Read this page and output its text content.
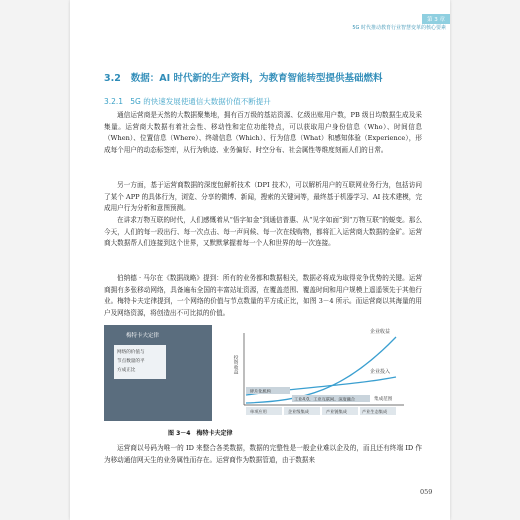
第 3 章
5G 时代推动教育行业智慧变革的核心要素
3.2 数据：AI 时代新的生产资料，为教育智能转型提供基础燃料
3.2.1 5G 的快速发展使通信大数据价值不断提升

通信运营商是天然的大数据聚集地，拥有百万级的基站资源、亿级出账用户数，PB 级日均数据生成及采集量。运营商大数据有着社会性、移动性和定位功能特点，可以获取用户身份信息（Who）、时间信息（When）、位置信息（Where）、终端信息（Which）、行为信息（What）和感知体验（Experience），形成每个用户的动态标签库，从行为轨迹、业务偏好、时空分布、社会属性等维度刻画人们的日常。

另一方面，基于运营商数据的深度包解析技术（DPI 技术），可以解析用户的互联网业务行为，包括访问了某个 APP 的具体行为，浏览、分享的微博、新闻，搜索的关键词等，最终基于机器学习、AI 技术建模，完成用户行为分析和意图预测。

在讲求万物互联的时代，人们感慨着从“悟字如金”到通信普惠、从“见字如面”到“万物互联”的蜕变。那么今天，人们的每一段出行、每一次点击、每一声问候、每一次在线购物，都将汇入运营商大数据的金矿。运营商大数据帮人们连接到这个世界，又默默掌握着每一个人和世界的每一次连接。

伯纳德 · 马尔在《数据战略》提到：所有的业务都和数据相关，数据必将成为取得竞争优势的关键。运营商拥有多张移动网络，具备遍布全国的丰富站址资源，在覆盖范围、覆盖时间和用户规模上遥遥领先于其他行业。梅特卡夫定律提到，一个网络的价值与节点数量的平方成正比，如图 3－4 所示。而运营商以其海量的用户及网络资源，将创造出不可比拟的价值。

梅特卡夫定律
网络的价值与
节点数量的平
方成正比	投资收益
企业收益
企业投入
碎片化机构
工业4.0、工业互联网、深度融合	集成范围
单项应用	企业级集成	产业链集成	产业生态集成
图 3－4 梅特卡夫定律

运营商以号码为唯一的 ID 来整合各类数据，数据的完整性是一般企业难以企及的，而且还有终端 ID 作为移动通信网天生的业务属性而存在。运营商作为数据管道，由于数据来

059
